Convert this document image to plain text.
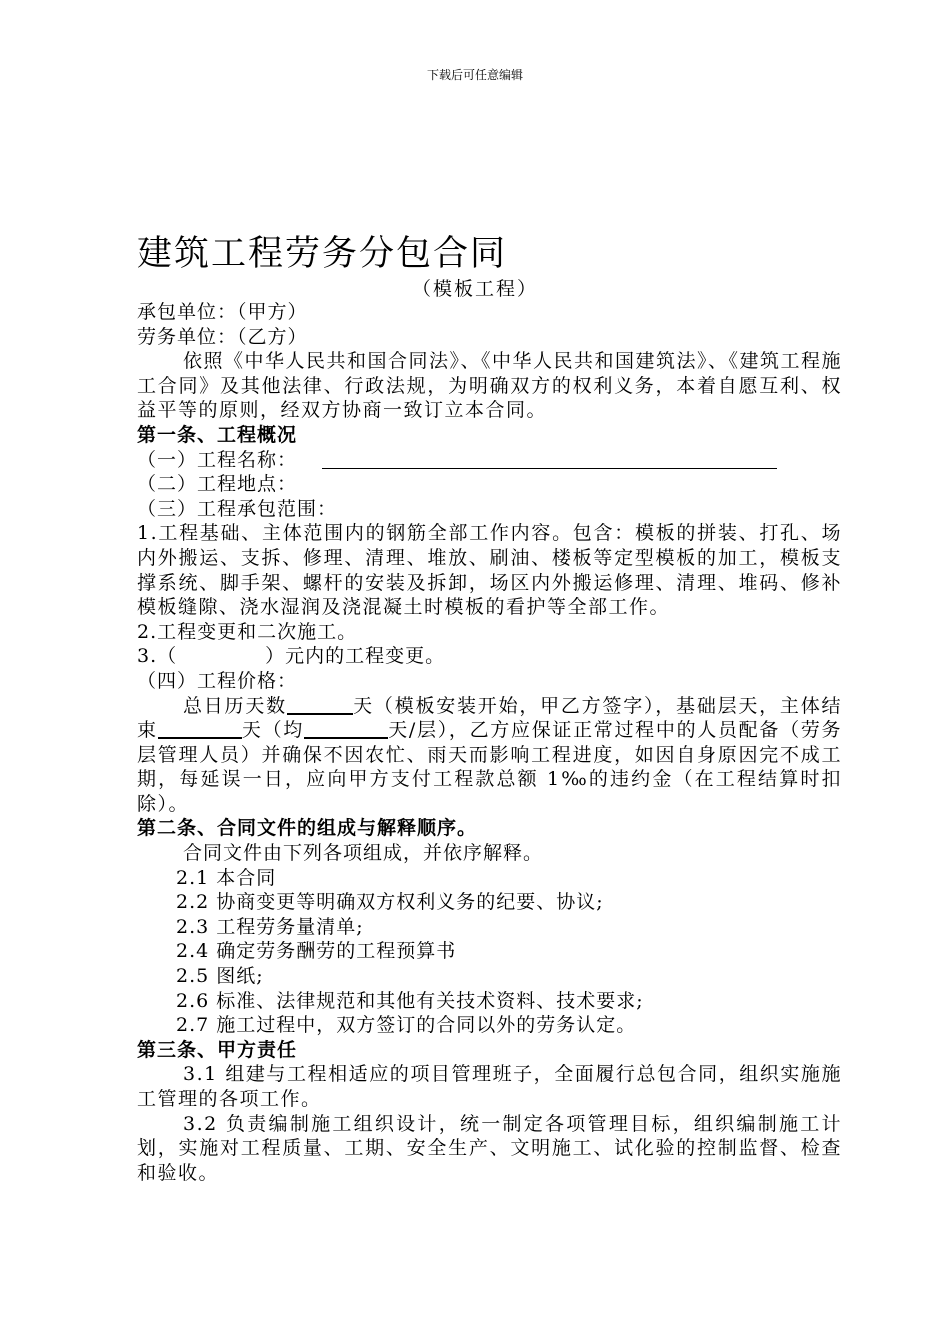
下载后可任意编辑
建筑工程劳务分包合同
（模板工程）
承包单位：（甲方）
劳务单位：（乙方）
依照《中华人民共和国合同法》、《中华人民共和国建筑法》、《建筑工程施工合同》及其他法律、行政法规，为明确双方的权利义务，本着自愿互利、权益平等的原则，经双方协商一致订立本合同。
第一条、工程概况
（一）工程名称：
（二）工程地点：
（三）工程承包范围：
1.工程基础、主体范围内的钢筋全部工作内容。包含：模板的拼装、打孔、场内外搬运、支拆、修理、清理、堆放、刷油、楼板等定型模板的加工，模板支撑系统、脚手架、螺杆的安装及拆卸，场区内外搬运修理、清理、堆码、修补模板缝隙、浇水湿润及浇混凝土时模板的看护等全部工作。
2.工程变更和二次施工。
3.（	）元内的工程变更。
（四）工程价格：
总日历天数	天（模板安装开始，甲乙方签字），基础层天，主体结束	天（均	天/层），乙方应保证正常过程中的人员配备（劳务层管理人员）并确保不因农忙、雨天而影响工程进度，如因自身原因完不成工期，每延误一日，应向甲方支付工程款总额 1‰的违约金（在工程结算时扣除）。
第二条、合同文件的组成与解释顺序。
合同文件由下列各项组成，并依序解释。
2.1 本合同
2.2 协商变更等明确双方权利义务的纪要、协议;
2.3 工程劳务量清单;
2.4 确定劳务酬劳的工程预算书
2.5 图纸;
2.6 标准、法律规范和其他有关技术资料、技术要求;
2.7 施工过程中，双方签订的合同以外的劳务认定。
第三条、甲方责任
3.1 组建与工程相适应的项目管理班子，全面履行总包合同，组织实施施工管理的各项工作。
3.2 负责编制施工组织设计，统一制定各项管理目标，组织编制施工计划，实施对工程质量、工期、安全生产、文明施工、试化验的控制监督、检查和验收。
